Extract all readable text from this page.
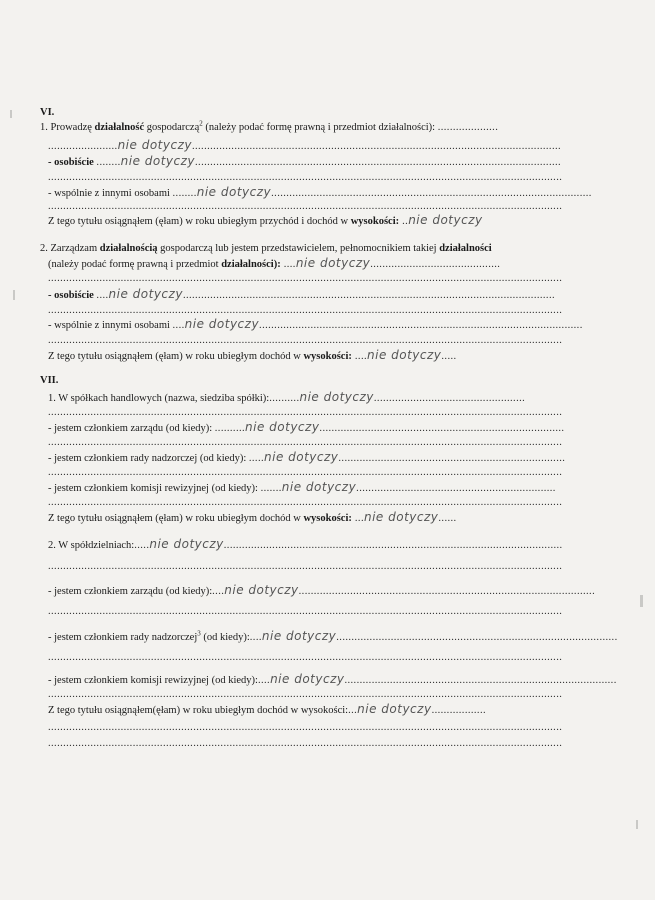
VI.
1. Prowadzę działalność gospodarczą$^2$ (należy podać formę prawną i przedmiot działalności): ....................
.......................nie dotyczy..........................................................................................................................
- osobiście ........nie dotyczy.........................................................................................................................
..........................................................................................................................................................................
- wspólnie z innymi osobami ........nie dotyczy..........................................................................................................
..........................................................................................................................................................................
Z tego tytułu osiągnąłem (ęłam) w roku ubiegłym przychód i dochód w wysokości: ..nie dotyczy
2. Zarządzam działalnością gospodarczą lub jestem przedstawicielem, pełnomocnikiem takiej działalności
(należy podać formę prawną i przedmiot działalności): ....nie dotyczy...........................................
..........................................................................................................................................................................
- osobiście ....nie dotyczy...........................................................................................................................
..........................................................................................................................................................................
- wspólnie z innymi osobami ....nie dotyczy...........................................................................................................
..........................................................................................................................................................................
Z tego tytułu osiągnąłem (ęłam) w roku ubiegłym dochód w wysokości: ....nie dotyczy.....
VII.
1. W spółkach handlowych (nazwa, siedziba spółki):..........nie dotyczy..................................................
..........................................................................................................................................................................
- jestem członkiem zarządu (od kiedy): ..........nie dotyczy.................................................................................
..........................................................................................................................................................................
- jestem członkiem rady nadzorczej (od kiedy): .....nie dotyczy...........................................................................
..........................................................................................................................................................................
- jestem członkiem komisji rewizyjnej (od kiedy): .......nie dotyczy..................................................................
..........................................................................................................................................................................
Z tego tytułu osiągnąłem (ęłam) w roku ubiegłym dochód w wysokości: ...nie dotyczy......
2. W spółdzielniach:.....nie dotyczy................................................................................................................
..........................................................................................................................................................................
- jestem członkiem zarządu (od kiedy):....nie dotyczy..................................................................................................
..........................................................................................................................................................................
- jestem członkiem rady nadzorczej$^3$ (od kiedy):....nie dotyczy.............................................................................................
..........................................................................................................................................................................
- jestem członkiem komisji rewizyjnej (od kiedy):....nie dotyczy..........................................................................................
..........................................................................................................................................................................
Z tego tytułu osiągnąłem(ęłam) w roku ubiegłym dochód w wysokości:...nie dotyczy..................
..........................................................................................................................................................................
..........................................................................................................................................................................
